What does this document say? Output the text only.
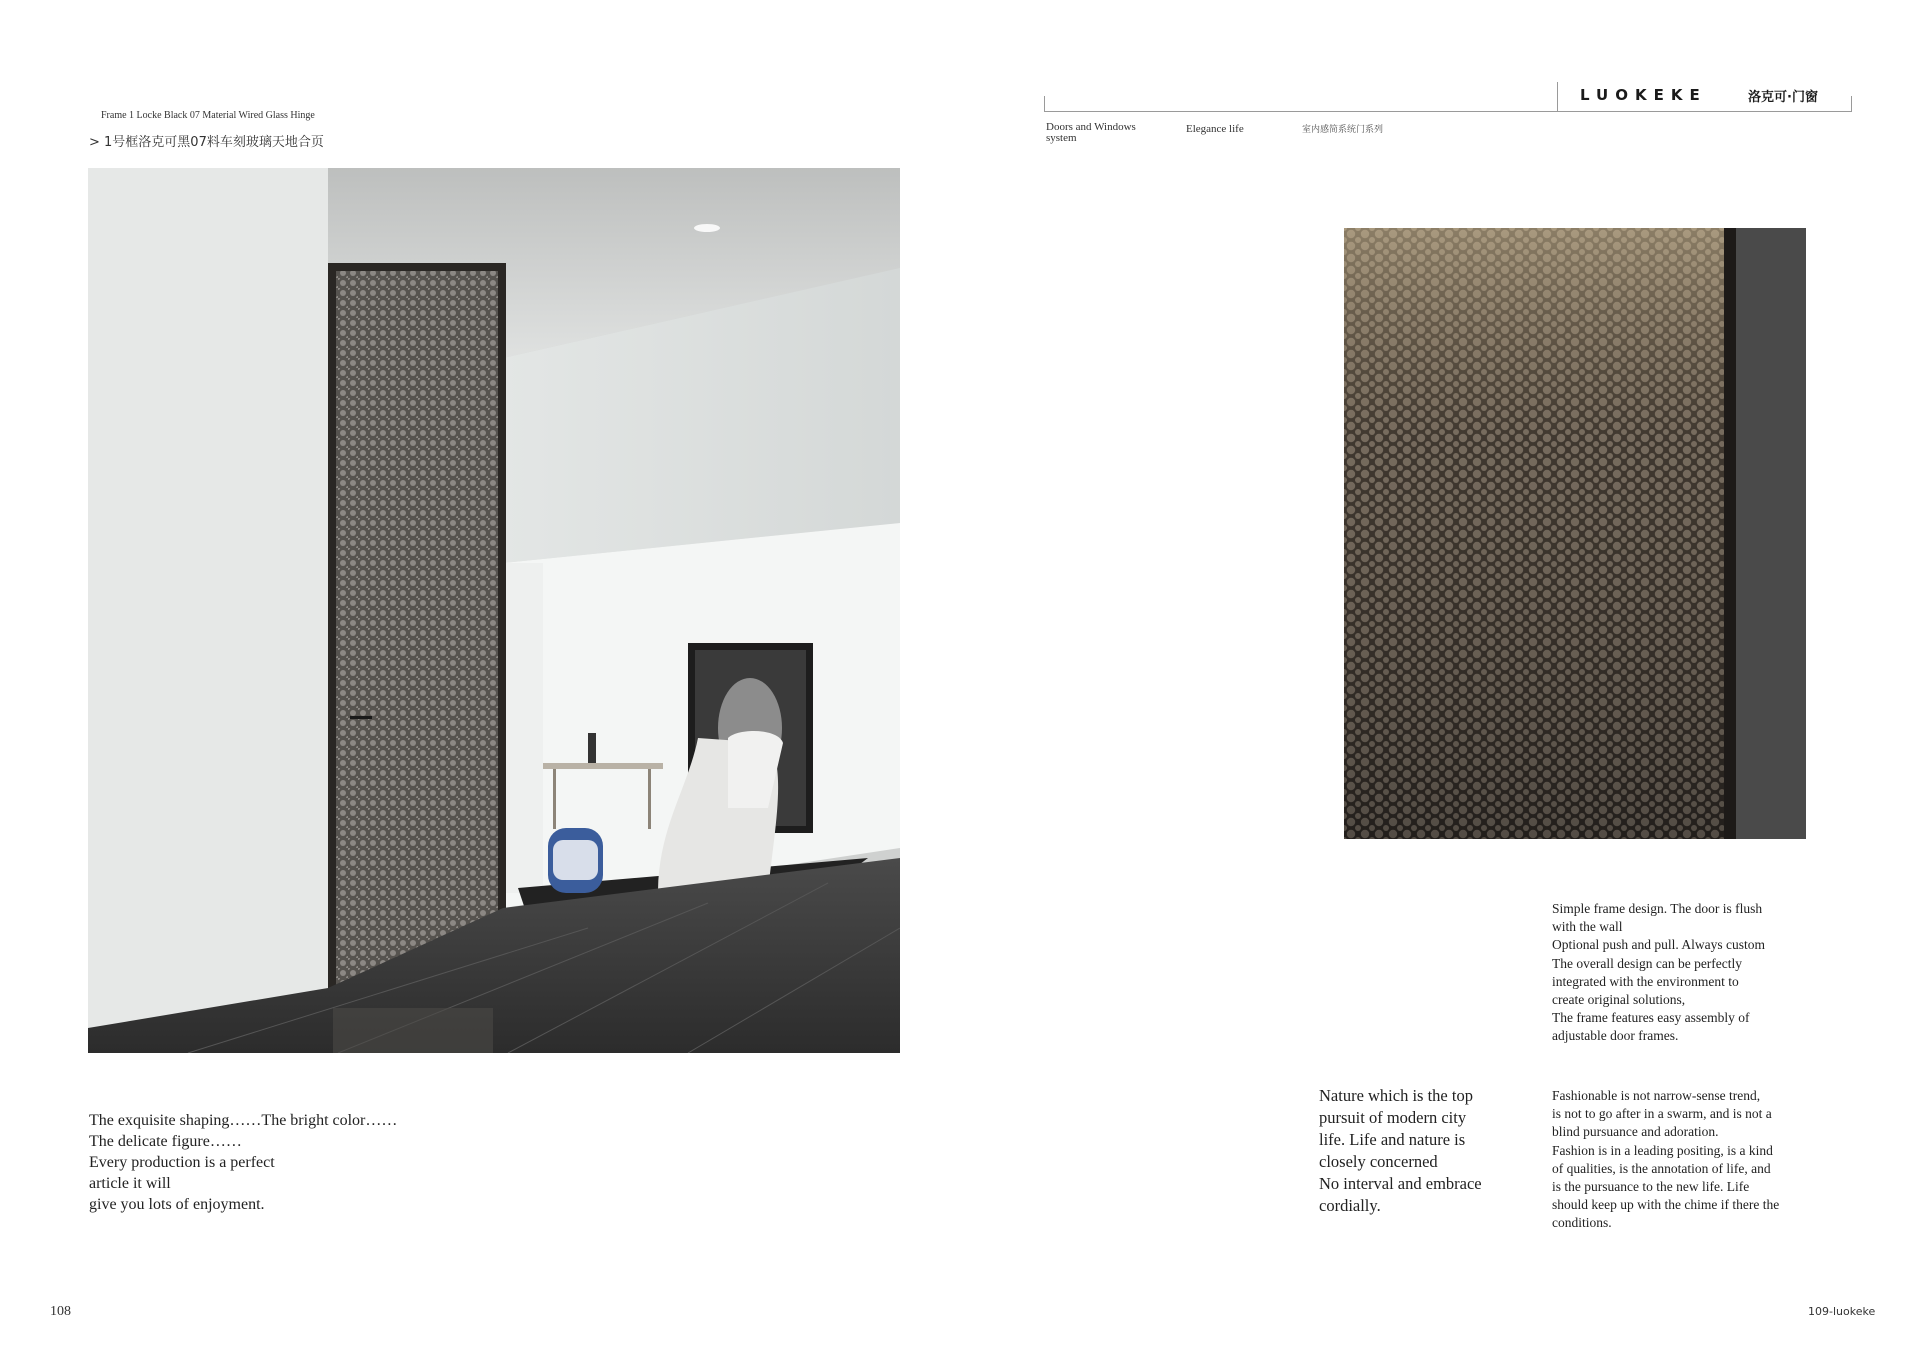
Frame 1 Locke Black 07 Material Wired Glass Hinge
> 1号框洛克可黑07料车刻玻璃天地合页
LUOKEKE	洛克可·门窗
Doors and Windows system
Elegance life	室内感简系统门系列
The exquisite shaping……The bright color……
The delicate figure……
Every production is a perfect
article it will
give you lots of enjoyment.
Simple frame design. The door is flush
with the wall
Optional push and pull. Always custom
The overall design can be perfectly
integrated with the environment to
create original solutions,
The frame features easy assembly of
adjustable door frames.
Nature which is the top
pursuit of modern city
life. Life and nature is
closely concerned
No interval and embrace
cordially.
Fashionable is not narrow-sense trend,
is not to go after in a swarm, and is not a
blind pursuance and adoration.
Fashion is in a leading positing, is a kind
of qualities, is the annotation of life, and
is the pursuance to the new life. Life
should keep up with the chime if there the
conditions.
108	109-luokeke
